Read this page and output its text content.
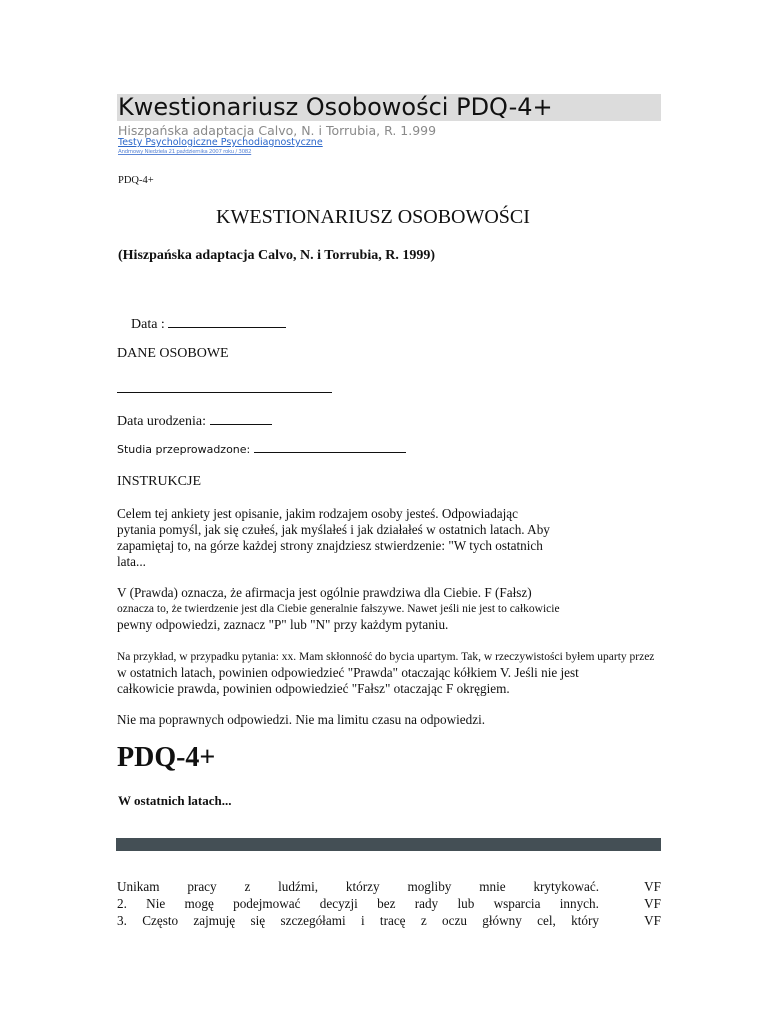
Kwestionariusz Osobowości PDQ-4+
Hiszpańska adaptacja Calvo, N. i Torrubia, R. 1.999
Testy Psychologiczne Psychodiagnostyczne
Andrnowy Niedziela 21 października 2007 roku / 3082
PDQ-4+
KWESTIONARIUSZ OSOBOWOŚCI
(Hiszpańska adaptacja Calvo, N. i Torrubia, R. 1999)
Data :
DANE OSOBOWE
Data urodzenia:
Studia przeprowadzone:
INSTRUKCJE
Celem tej ankiety jest opisanie, jakim rodzajem osoby jesteś. Odpowiadając
pytania pomyśl, jak się czułeś, jak myślałeś i jak działałeś w ostatnich latach. Aby
zapamiętaj to, na górze każdej strony znajdziesz stwierdzenie: "W tych ostatnich
lata...
V (Prawda) oznacza, że afirmacja jest ogólnie prawdziwa dla Ciebie. F (Fałsz)
oznacza to, że twierdzenie jest dla Ciebie generalnie fałszywe. Nawet jeśli nie jest to całkowicie
pewny odpowiedzi, zaznacz "P" lub "N" przy każdym pytaniu.
Na przykład, w przypadku pytania: xx. Mam skłonność do bycia upartym. Tak, w rzeczywistości byłem uparty przez
w ostatnich latach, powinien odpowiedzieć "Prawda" otaczając kółkiem V. Jeśli nie jest
całkowicie prawda, powinien odpowiedzieć "Fałsz" otaczając F okręgiem.
Nie ma poprawnych odpowiedzi. Nie ma limitu czasu na odpowiedzi.
PDQ-4+
W ostatnich latach...
Unikam pracy z ludźmi, którzy mogliby mnie krytykować.	VF
2. Nie mogę podejmować decyzji bez rady lub wsparcia innych.	VF
3. Często zajmuję się szczegółami i tracę z oczu główny cel, który	VF
